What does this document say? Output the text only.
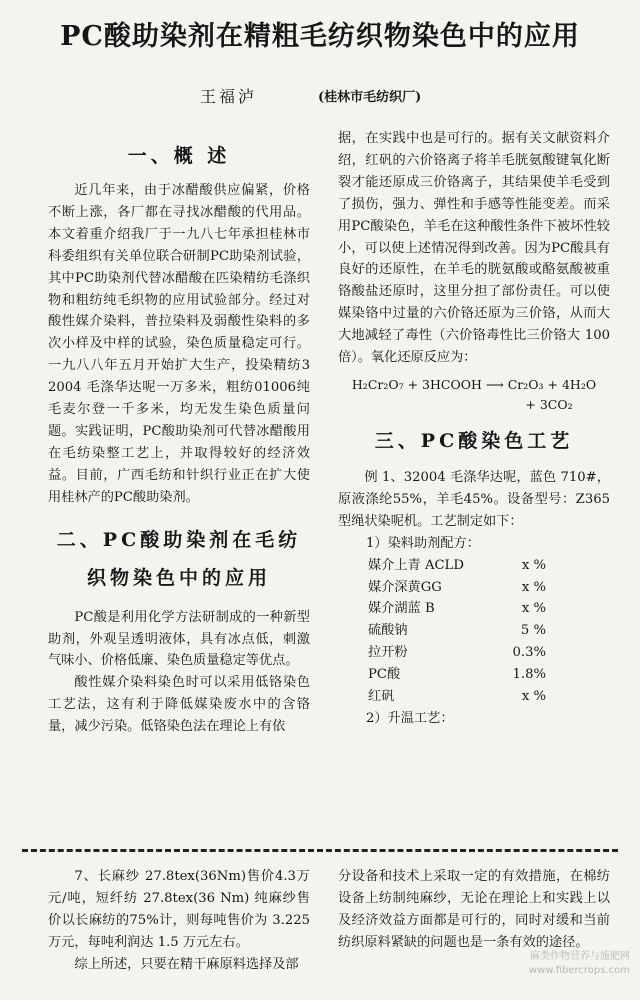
PC酸助染剂在精粗毛纺织物染色中的应用
王福泸	(桂林市毛纺织厂)
一、概 述

近几年来，由于冰醋酸供应偏紧，价格不断上涨，各厂都在寻找冰醋酸的代用品。本文着重介绍我厂于一九八七年承担桂林市科委组织有关单位联合研制PC助染剂试验，其中PC助染剂代替冰醋酸在匹染精纺毛涤织物和粗纺纯毛织物的应用试验部分。经过对酸性媒介染料，普拉染料及弱酸性染料的多次小样及中样的试验，染色质量稳定可行。一九八八年五月开始扩大生产，投染精纺3 2004 毛涤华达呢一万多米，粗纺01006纯毛麦尔登一千多米，均无发生染色质量问题。实践证明，PC酸助染剂可代替冰醋酸用在毛纺染整工艺上，并取得较好的经济效益。目前，广西毛纺和针织行业正在扩大使用桂林产的PC酸助染剂。

二、PC酸助染剂在毛纺
织物染色中的应用

PC酸是利用化学方法研制成的一种新型助剂，外观呈透明液体，具有冰点低，刺激气味小、价格低廉、染色质量稳定等优点。

酸性媒介染料染色时可以采用低铬染色工艺法，这有利于降低媒染废水中的含铬量，减少污染。低铬染色法在理论上有依

据，在实践中也是可行的。据有关文献资料介绍，红矾的六价铬离子将羊毛胱氨酸键氧化断裂才能还原成三价铬离子，其结果使羊毛受到了损伤，强力、弹性和手感等性能变差。而采用PC酸染色，羊毛在这种酸性条件下被坏性较小，可以使上述情况得到改善。因为PC酸具有良好的还原性，在羊毛的胱氨酸或酪氨酸被重铬酸盐还原时，这里分担了部份责任。可以使媒染铬中过量的六价铬还原为三价铬，从而大大地减轻了毒性（六价铬毒性比三价铬大 100 倍）。氧化还原反应为：

H₂Cr₂O₇ + 3HCOOH ⟶ Cr₂O₃ + 4H₂O
+ 3CO₂
三、PC酸染色工艺

例 1、32004 毛涤华达呢，蓝色 710#，原液涤纶55%，羊毛45%。设备型号：Z365型绳状染呢机。工艺制定如下：

1）染料助剂配方：
媒介上青 ACLD	x %
媒介深黄GG	x %
媒介湖蓝 B	x %
硫酸钠	5 %
拉开粉	0.3%
PC酸	1.8%
红矾	x %
2）升温工艺：

7、长麻纱 27.8tex(36Nm)售价4.3万元/吨，短纤纺 27.8tex(36 Nm) 纯麻纱售价以长麻纺的75%计，则每吨售价为 3.225 万元，每吨利润达 1.5 万元左右。

综上所述，只要在精干麻原料选择及部

分设备和技术上采取一定的有效措施，在棉纺设备上纺制纯麻纱，无论在理论上和实践上以及经济效益方面都是可行的，同时对缓和当前纺织原料紧缺的问题也是一条有效的途径。

麻类作物营养与施肥网
www.fibercrops.com
